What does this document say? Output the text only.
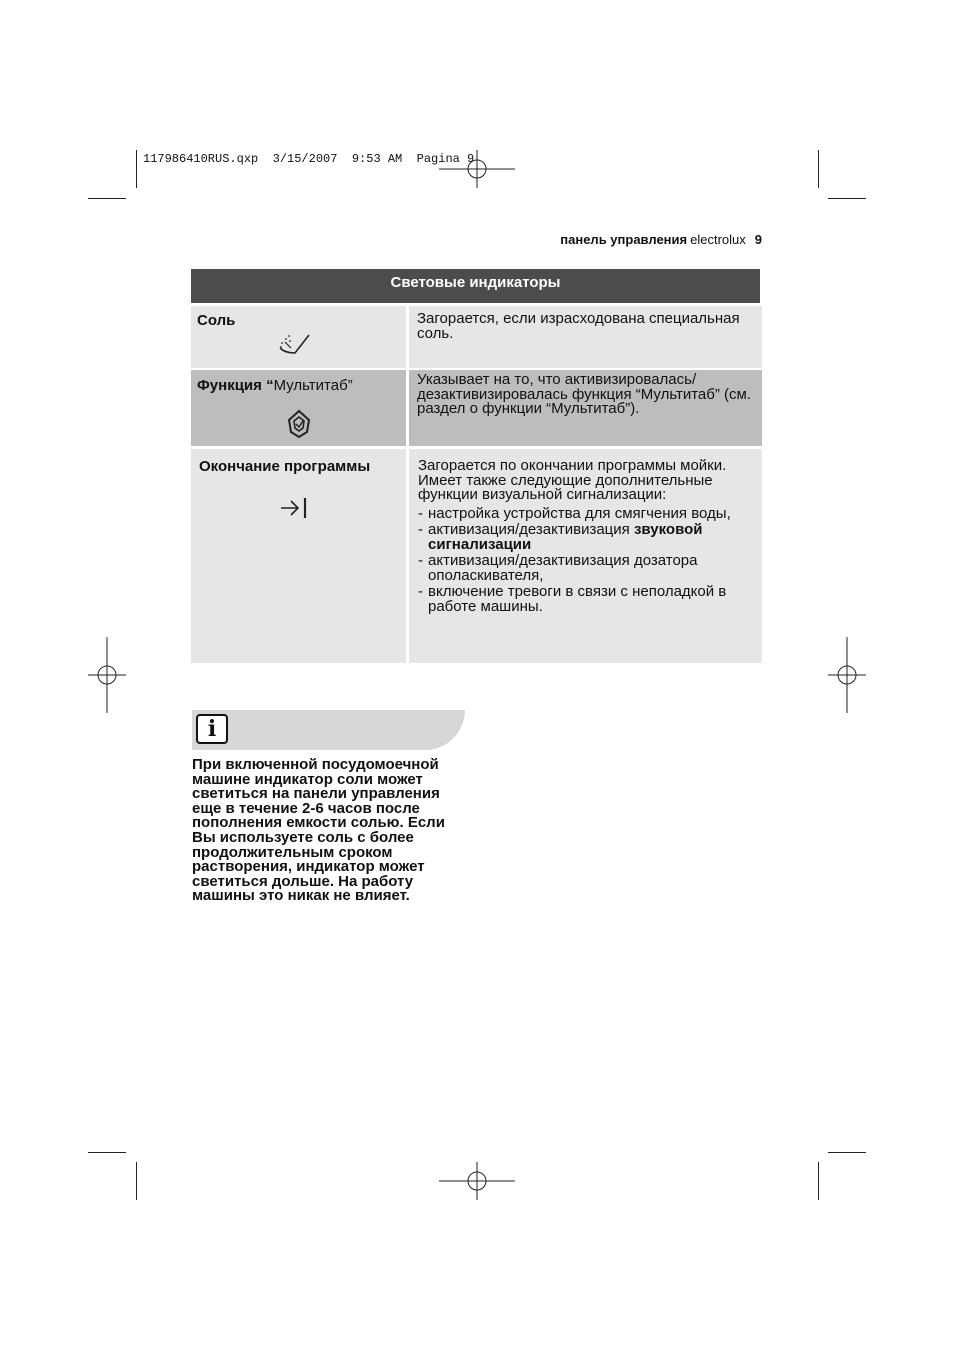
117986410RUS.qxp  3/15/2007  9:53 AM  Pagina 9
панель управления electrolux 9
Световые индикаторы
Соль	Загорается, если израсходована специальная соль.
Функция “Мультитаб”	Указывает на то, что активизировалась/дезактивизировалась функция “Мультитаб” (см. раздел о функции “Мультитаб”).
Окончание программы	Загорается по окончании программы мойки. Имеет также следующие дополнительные функции визуальной сигнализации:

- настройка устройства для смягчения воды,
- активизация/дезактивизация звуковой сигнализации
- активизация/дезактивизация дозатора ополаскивателя,
- включение тревоги в связи с неполадкой в работе машины.
i
При включенной посудомоечной машине индикатор соли может светиться на панели управления еще в течение 2-6 часов после пополнения емкости солью. Если Вы используете соль с более продолжительным сроком растворения, индикатор может светиться дольше. На работу машины это никак не влияет.
